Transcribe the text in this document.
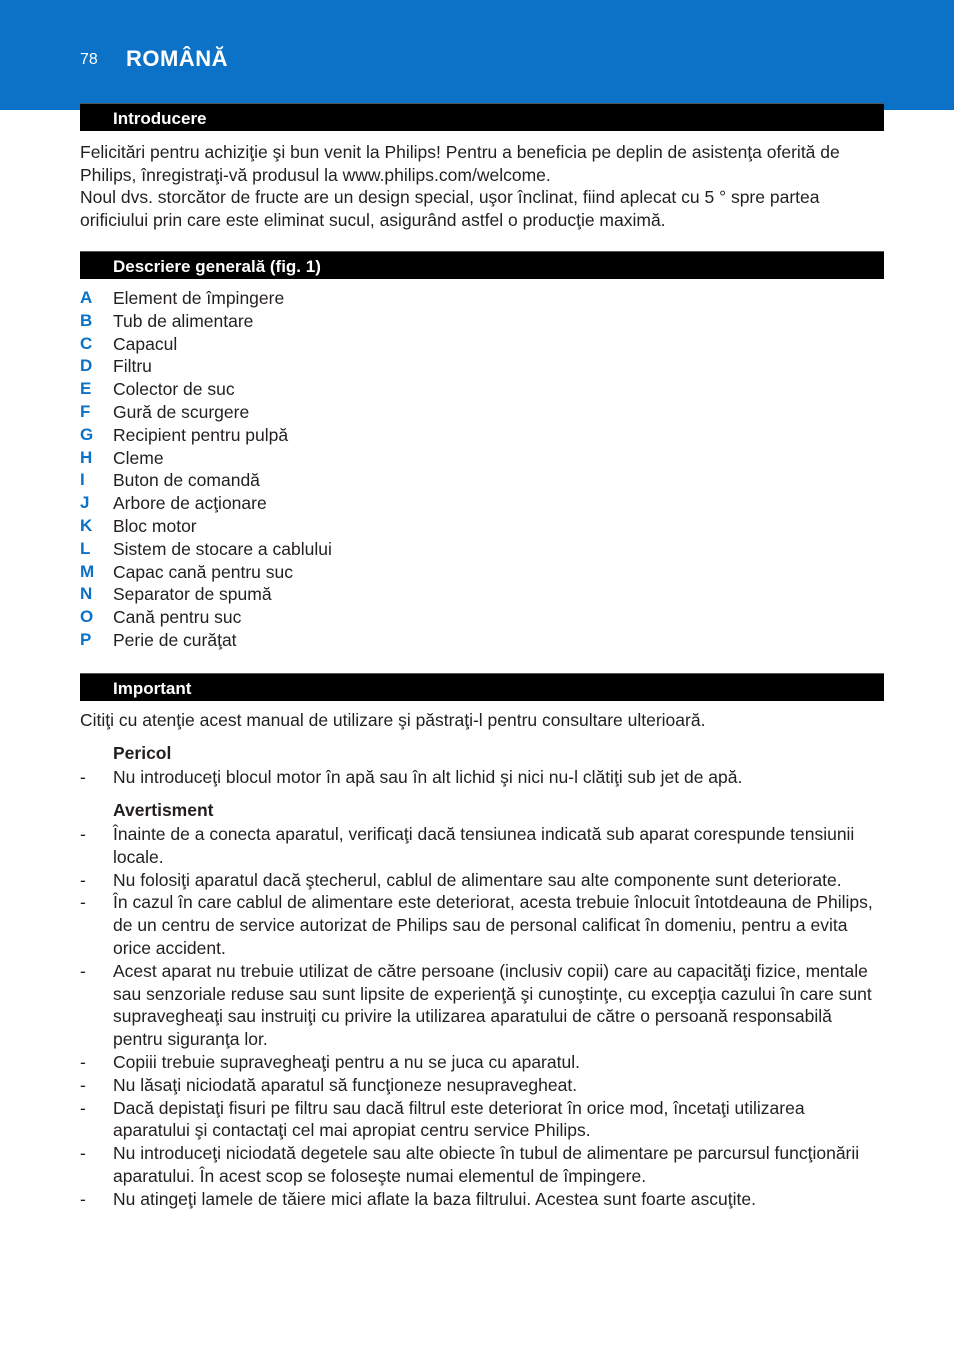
78 ROMÂNĂ
Introducere

Felicitări pentru achiziţie şi bun venit la Philips! Pentru a beneficia pe deplin de asistenţa oferită de Philips, înregistraţi-vă produsul la www.philips.com/welcome.

Noul dvs. storcător de fructe are un design special, uşor înclinat, fiind aplecat cu 5 ° spre partea orificiului prin care este eliminat sucul, asigurând astfel o producţie maximă.

Descriere generală (fig. 1)
A	Element de împingere
B	Tub de alimentare
C	Capacul
D	Filtru
E	Colector de suc
F	Gură de scurgere
G	Recipient pentru pulpă
H	Cleme
I	Buton de comandă
J	Arbore de acţionare
K	Bloc motor
L	Sistem de stocare a cablului
M	Capac cană pentru suc
N	Separator de spumă
O	Cană pentru suc
P	Perie de curăţat
Important

Citiţi cu atenţie acest manual de utilizare şi păstraţi-l pentru consultare ulterioară.

Pericol

- Nu introduceţi blocul motor în apă sau în alt lichid şi nici nu-l clătiţi sub jet de apă.

Avertisment

- Înainte de a conecta aparatul, verificaţi dacă tensiunea indicată sub aparat corespunde tensiunii locale.
- Nu folosiţi aparatul dacă ştecherul, cablul de alimentare sau alte componente sunt deteriorate.
- În cazul în care cablul de alimentare este deteriorat, acesta trebuie înlocuit întotdeauna de Philips, de un centru de service autorizat de Philips sau de personal calificat în domeniu, pentru a evita orice accident.
- Acest aparat nu trebuie utilizat de către persoane (inclusiv copii) care au capacităţi fizice, mentale sau senzoriale reduse sau sunt lipsite de experienţă şi cunoştinţe, cu excepţia cazului în care sunt supravegheaţi sau instruiţi cu privire la utilizarea aparatului de către o persoană responsabilă pentru siguranţa lor.
- Copiii trebuie supravegheaţi pentru a nu se juca cu aparatul.
- Nu lăsaţi niciodată aparatul să funcţioneze nesupravegheat.
- Dacă depistaţi fisuri pe filtru sau dacă filtrul este deteriorat în orice mod, încetaţi utilizarea aparatului şi contactaţi cel mai apropiat centru service Philips.
- Nu introduceţi niciodată degetele sau alte obiecte în tubul de alimentare pe parcursul funcţionării aparatului. În acest scop se foloseşte numai elementul de împingere.
- Nu atingeţi lamele de tăiere mici aflate la baza filtrului. Acestea sunt foarte ascuţite.
